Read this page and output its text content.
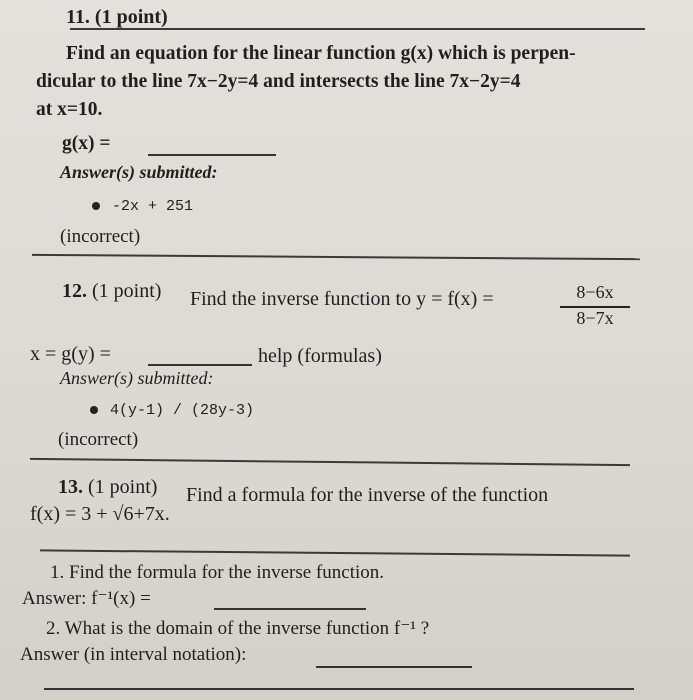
11. (1 point)
Find an equation for the linear function g(x) which is perpen-
dicular to the line 7x−2y=4 and intersects the line 7x−2y=4
at x=10.
g(x) =
Answer(s) submitted:
-2x + 251
(incorrect)
12. (1 point) Find the inverse function to y = f(x) =	8−6x
8−7x
x = g(y) =	help (formulas)
Answer(s) submitted:
4(y-1) / (28y-3)
(incorrect)
13. (1 point) Find a formula for the inverse of the function
f(x) = 3 + √6+7x.
1. Find the formula for the inverse function.
Answer: f⁻¹(x) =
2. What is the domain of the inverse function f⁻¹ ?
Answer (in interval notation):
